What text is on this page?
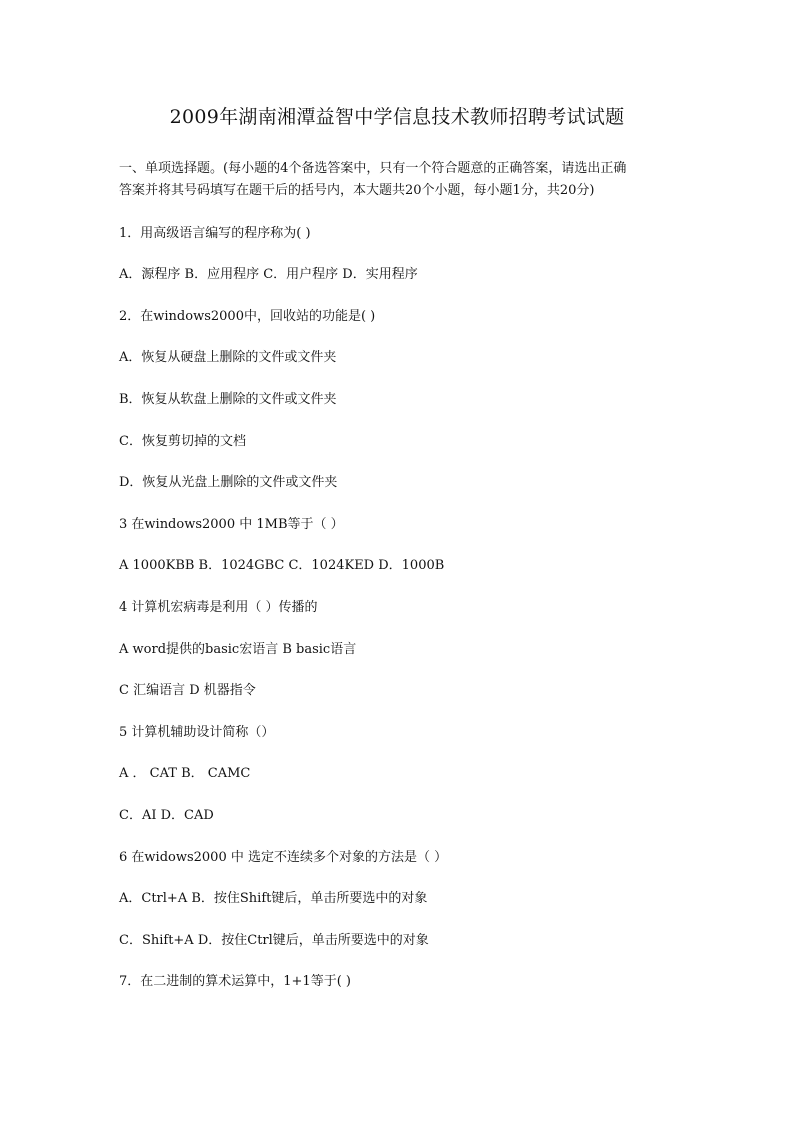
2009年湖南湘潭益智中学信息技术教师招聘考试试题

一、单项选择题。(每小题的4个备选答案中，只有一个符合题意的正确答案，请选出正确

答案并将其号码填写在题干后的括号内，本大题共20个小题，每小题1分，共20分)

1．用高级语言编写的程序称为( )

A．源程序 B．应用程序 C．用户程序 D．实用程序

2．在windows2000中，回收站的功能是( )

A．恢复从硬盘上删除的文件或文件夹

B．恢复从软盘上删除的文件或文件夹

C．恢复剪切掉的文档

D．恢复从光盘上删除的文件或文件夹

3 在windows2000 中 1MB等于（ ）

A 1000KBB B．1024GBC C．1024KED D．1000B

4 计算机宏病毒是利用（ ）传播的

A word提供的basic宏语言 B basic语言

C 汇编语言 D 机器指令

5 计算机辅助设计简称（）

A ． CAT B． CAMC

C．AI D．CAD

6 在widows2000 中 选定不连续多个对象的方法是（ ）

A．Ctrl+A B．按住Shift键后，单击所要选中的对象

C．Shift+A D．按住Ctrl键后，单击所要选中的对象

7．在二进制的算术运算中，1+1等于( )
